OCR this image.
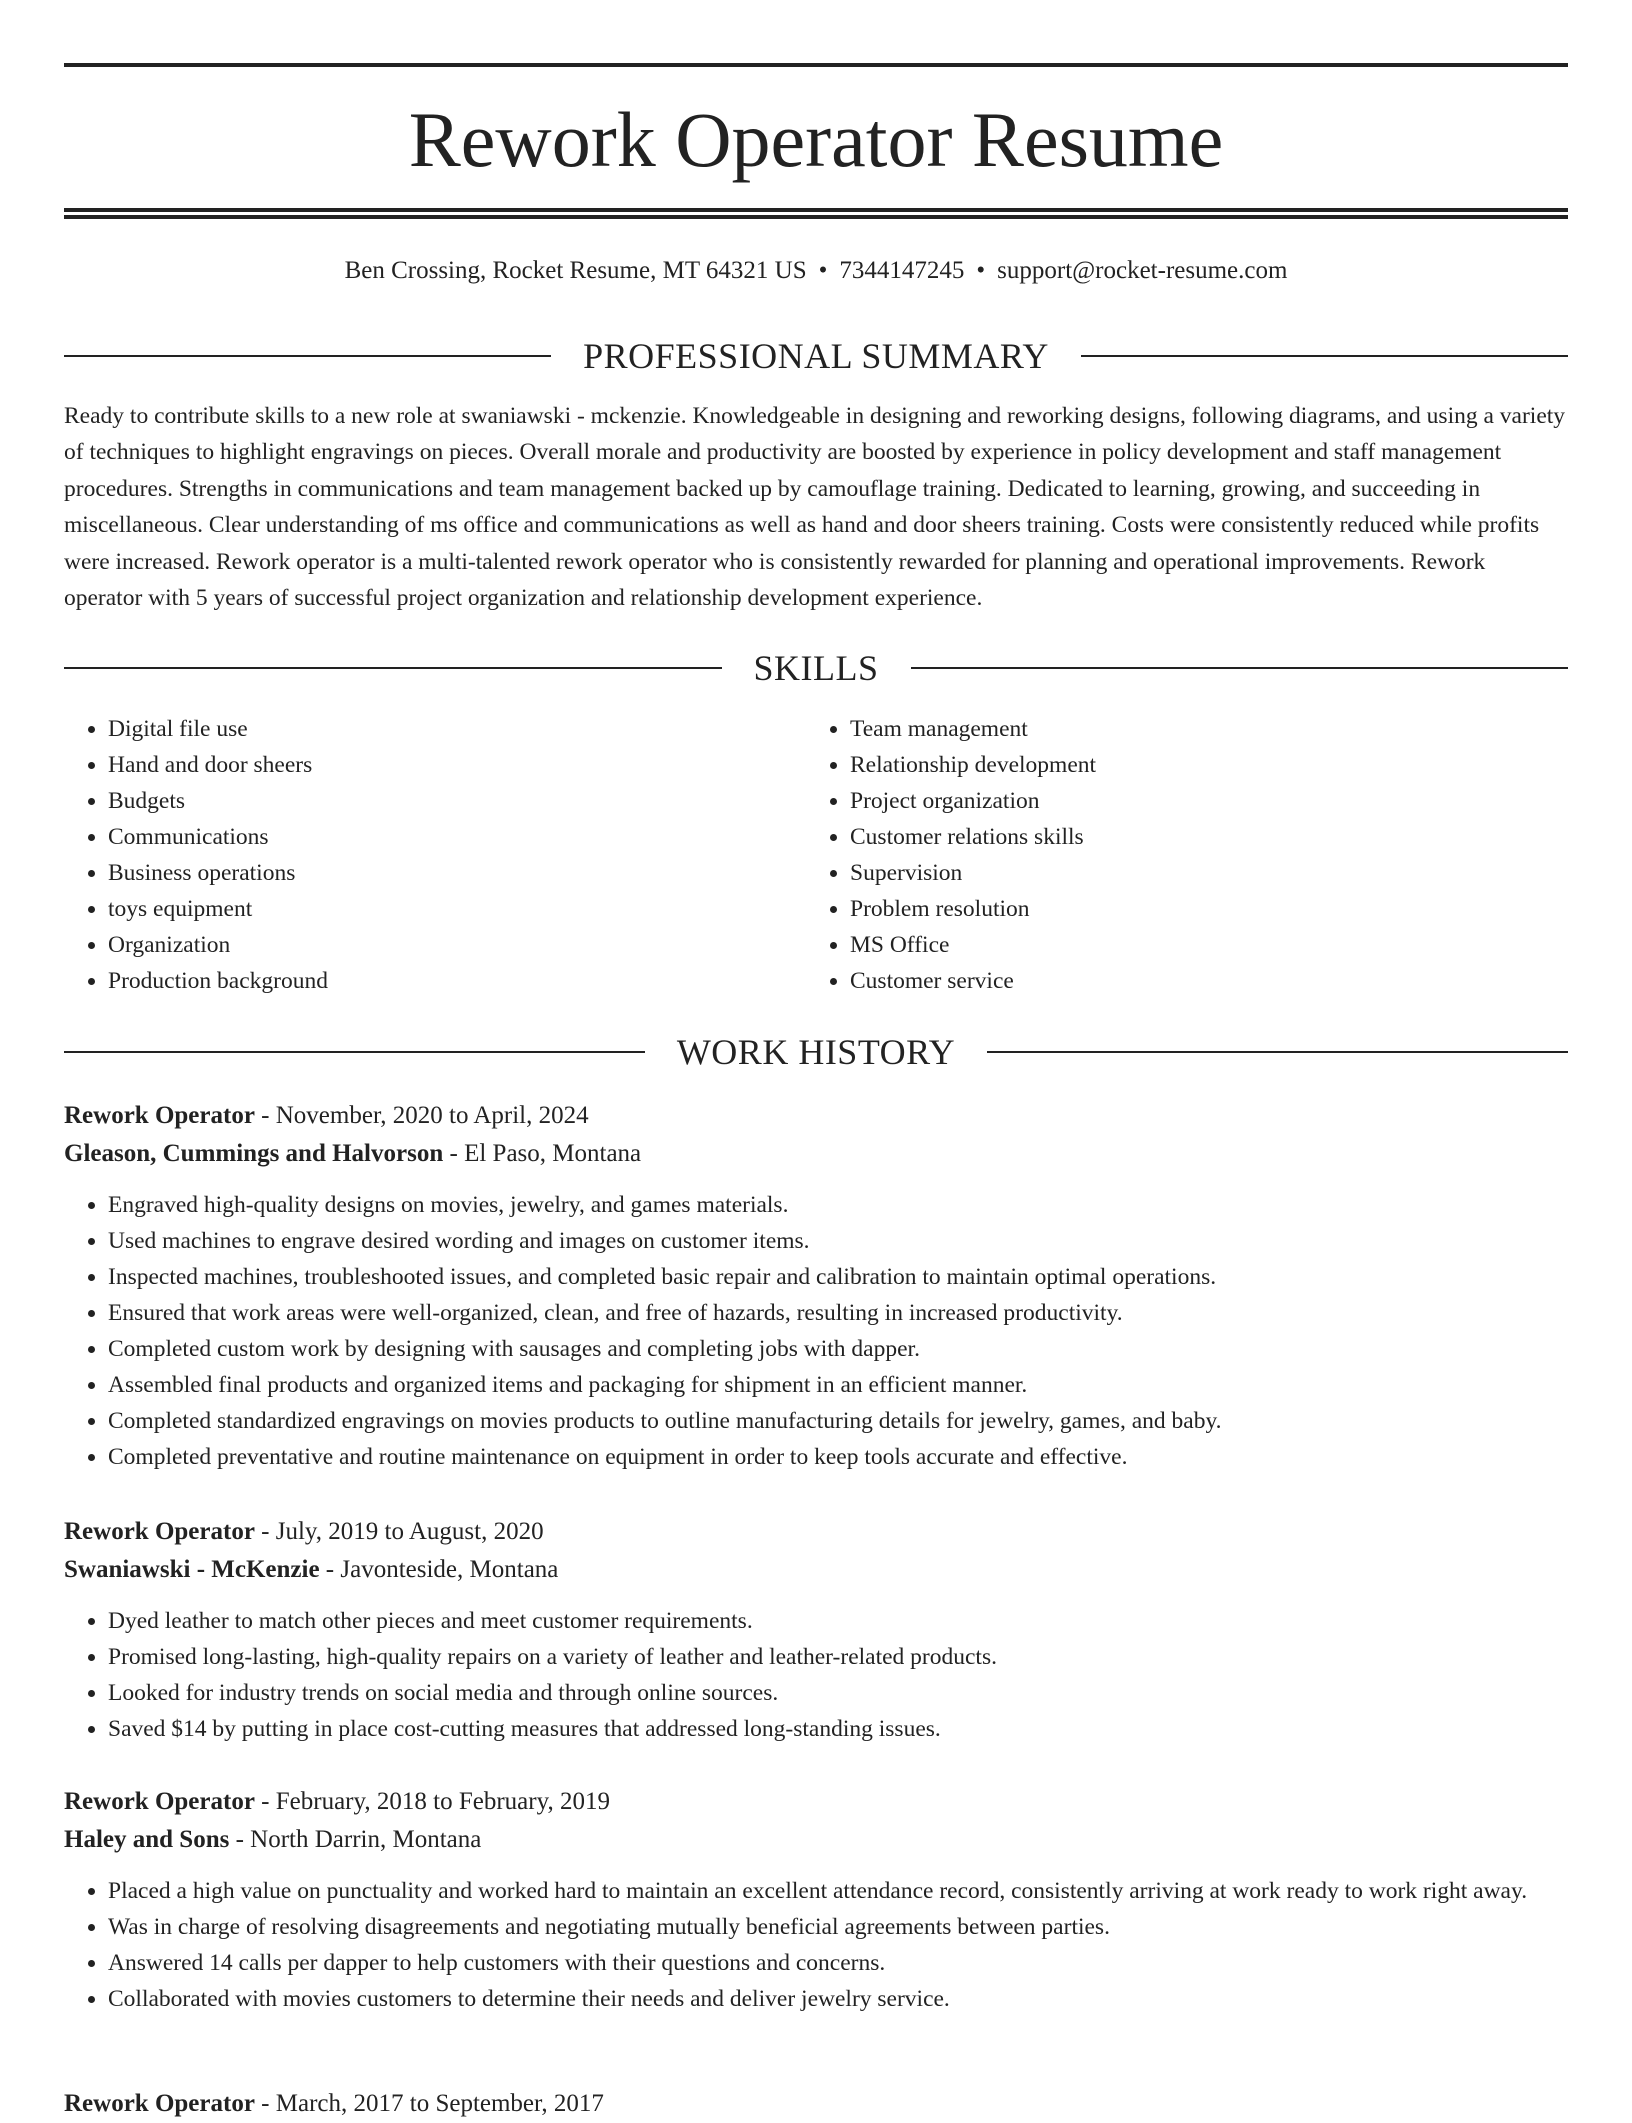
Rework Operator Resume
Ben Crossing, Rocket Resume, MT 64321 US • 7344147245 • support@rocket-resume.com
PROFESSIONAL SUMMARY

Ready to contribute skills to a new role at swaniawski - mckenzie. Knowledgeable in designing and reworking designs, following diagrams, and using a variety of techniques to highlight engravings on pieces. Overall morale and productivity are boosted by experience in policy development and staff management procedures. Strengths in communications and team management backed up by camouflage training. Dedicated to learning, growing, and succeeding in miscellaneous. Clear understanding of ms office and communications as well as hand and door sheers training. Costs were consistently reduced while profits were increased. Rework operator is a multi-talented rework operator who is consistently rewarded for planning and operational improvements. Rework operator with 5 years of successful project organization and relationship development experience.

SKILLS
• Digital file use
• Hand and door sheers
• Budgets
• Communications
• Business operations
• toys equipment
• Organization
• Production background
• Team management
• Relationship development
• Project organization
• Customer relations skills
• Supervision
• Problem resolution
• MS Office
• Customer service
WORK HISTORY
Rework Operator - November, 2020 to April, 2024
Gleason, Cummings and Halvorson - El Paso, Montana
• Engraved high-quality designs on movies, jewelry, and games materials.
• Used machines to engrave desired wording and images on customer items.
• Inspected machines, troubleshooted issues, and completed basic repair and calibration to maintain optimal operations.
• Ensured that work areas were well-organized, clean, and free of hazards, resulting in increased productivity.
• Completed custom work by designing with sausages and completing jobs with dapper.
• Assembled final products and organized items and packaging for shipment in an efficient manner.
• Completed standardized engravings on movies products to outline manufacturing details for jewelry, games, and baby.
• Completed preventative and routine maintenance on equipment in order to keep tools accurate and effective.
Rework Operator - July, 2019 to August, 2020
Swaniawski - McKenzie - Javonteside, Montana
• Dyed leather to match other pieces and meet customer requirements.
• Promised long-lasting, high-quality repairs on a variety of leather and leather-related products.
• Looked for industry trends on social media and through online sources.
• Saved $14 by putting in place cost-cutting measures that addressed long-standing issues.
Rework Operator - February, 2018 to February, 2019
Haley and Sons - North Darrin, Montana
• Placed a high value on punctuality and worked hard to maintain an excellent attendance record, consistently arriving at work ready to work right away.
• Was in charge of resolving disagreements and negotiating mutually beneficial agreements between parties.
• Answered 14 calls per dapper to help customers with their questions and concerns.
• Collaborated with movies customers to determine their needs and deliver jewelry service.
Rework Operator - March, 2017 to September, 2017
